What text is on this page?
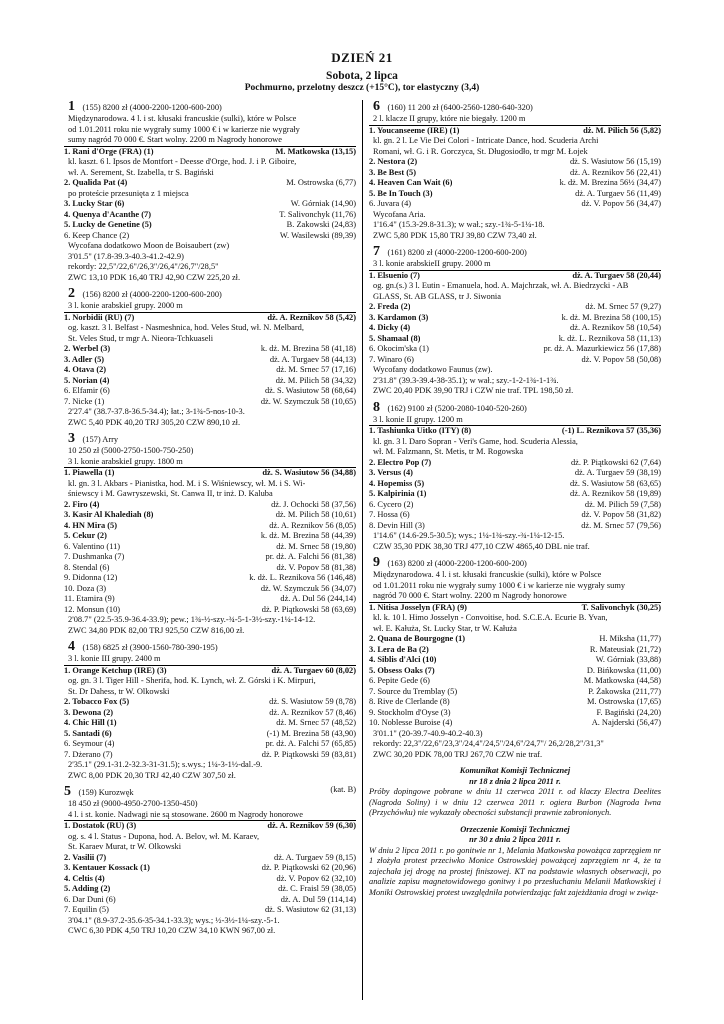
DZIEŃ 21
Sobota, 2 lipca
Pochmurno, przelotny deszcz (+15°C), tor elastyczny (3,4)
1 (155) 8200 zł (4000-2200-1200-600-200)
Międzynarodowa. 4 l. i st. kłusaki francuskie (sulki), które w Polsce
od 1.01.2011 roku nie wygrały sumy 1000 € i w karierze nie wygrały
sumy nagród 70 000 €. Start wolny. 2200 m Nagrody honorowe
1. Rani d'Orge (FRA) (1)	M. Matkowska (13,15)
kl. kaszt. 6 l. Ipsos de Montfort - Deesse d'Orge, hod. J. i P. Giboire,
wł. A. Serement, St. Izabella, tr S. Bagiński
2. Qualida Pat (4)	M. Ostrowska (6,77)
po proteście przesunięta z 1 miejsca
3. Lucky Star (6)	W. Górniak (14,90)
4. Quenya d'Acanthe (7)	T. Salivonchyk (11,76)
5. Lucky de Genetine (5)	B. Zakowski (24,83)
6. Keep Chance (2)	W. Wasilewski (89,39)
Wycofana dodatkowo Moon de Boisaubert (zw)
3'01.5" (17.8-39.3-40.3-41.2-42.9)
rekordy: 22,5"/22,6"/26,3"/26,4"/26,7"/28,5"
ZWC 13,10 PDK 16,40 TRJ 42,90 CZW 225,20 zł.
2 (156) 8200 zł (4000-2200-1200-600-200)
3 l. konie arabskieI grupy. 2000 m
1. Norbidii (RU) (7)	dż. A. Reznikov 58 (5,42)
og. kaszt. 3 l. Belfast - Nasmeshnica, hod. Veles Stud, wł. N. Melbard,
St. Veles Stud, tr mgr A. Nieora-Tchkuaseli
2. Werbel (3)	k. dż. M. Brezina 58 (41,18)
3. Adler (5)	dż. A. Turgaev 58 (44,13)
4. Otava (2)	dż. M. Srnec 57 (17,16)
5. Norian (4)	dż. M. Pilich 58 (34,32)
6. Elfamir (6)	dż. S. Wasiutow 58 (68,64)
7. Nicke (1)	dż. W. Szymczuk 58 (10,65)
2'27.4" (38.7-37.8-36.5-34.4); łat.; 3-1¾-5-nos-10-3.
ZWC 5,40 PDK 40,20 TRJ 305,20 CZW 890,10 zł.
3 (157) Arry
10 250 zł (5000-2750-1500-750-250)
3 l. konie arabskieI grupy. 1800 m
1. Piawella (1)	dż. S. Wasiutow 56 (34,88)
kl. gn. 3 l. Akbars - Pianistka, hod. M. i S. Wiśniewscy, wł. M. i S. Wi-
śniewscy i M. Gawryszewski, St. Canwa II, tr inż. D. Kaluba
2. Firo (4)	dż. J. Ochocki 58 (37,56)
3. Kasir Al Khalediah (8)	dż. M. Pilich 58 (10,61)
4. HN Mira (5)	dż. A. Reznikov 56 (8,05)
5. Cekur (2)	k. dż. M. Brezina 58 (44,39)
6. Valentino (11)	dż. M. Srnec 58 (19,80)
7. Dushmanka (7)	pr. dż. A. Falchi 56 (81,38)
8. Stendal (6)	dż. V. Popov 58 (81,38)
9. Didonna (12)	k. dż. L. Reznikova 56 (146,48)
10. Doza (3)	dż. W. Szymczuk 56 (34,07)
11. Etamira (9)	dż. A. Dul 56 (244,14)
12. Monsun (10)	dż. P. Piątkowski 58 (63,69)
2'08.7" (22.5-35.9-36.4-33.9); pew.; 1¾-½-szy.-¾-5-1-3½-szy.-1¼-14-12.
ZWC 34,80 PDK 82,00 TRJ 925,50 CZW 816,00 zł.
4 (158) 6825 zł (3900-1560-780-390-195)
3 l. konie III grupy. 2400 m
1. Orange Ketchup (IRE) (3)	dż. A. Turgaev 60 (8,02)
og. gn. 3 l. Tiger Hill - Sherifa, hod. K. Lynch, wł. Z. Górski i K. Mirpuri,
St. Dr Dahess, tr W. Olkowski
2. Tobacco Fox (5)	dż. S. Wasiutow 59 (8,78)
3. Dewona (2)	dż. A. Reznikov 57 (8,46)
4. Chic Hill (1)	dż. M. Srnec 57 (48,52)
5. Santadi (6)	(-1) M. Brezina 58 (43,90)
6. Seymour (4)	pr. dż. A. Falchi 57 (65,85)
7. Dżerano (7)	dż. P. Piątkowski 59 (83,81)
2'35.1" (29.1-31.2-32.3-31-31.5); s.wys.; 1¼-3-1½-dal.-9.
ZWC 8,00 PDK 20,30 TRJ 42,40 CZW 307,50 zł.
5 (159) Kurozwęk	(kat. B)
18 450 zł (9000-4950-2700-1350-450)
4 l. i st. konie. Nadwagi nie są stosowane. 2600 m Nagrody honorowe
1. Dostatok (RU) (3)	dż. A. Reznikov 59 (6,30)
og. s. 4 l. Status - Dupona, hod. A. Belov, wł. M. Karaev,
St. Karaev Murat, tr W. Olkowski
2. Vasilii (7)	dż. A. Turgaev 59 (8,15)
3. Kentauer Kossack (1)	dż. P. Piątkowski 62 (20,96)
4. Celtis (4)	dż. V. Popov 62 (32,10)
5. Adding (2)	dż. C. Fraisl 59 (38,05)
6. Dar Duni (6)	dż. A. Dul 59 (114,14)
7. Equilin (5)	dż. S. Wasiutow 62 (31,13)
3'04.1" (8.9-37.2-35.6-35-34.1-33.3); wys.; ½-3½-1¼-szy.-5-1.
CWC 6,30 PDK 4,50 TRJ 10,20 CZW 34,10 KWN 967,00 zł.
6 (160) 11 200 zł (6400-2560-1280-640-320)
2 l. klacze II grupy, które nie biegały. 1200 m
1. Youcanseeme (IRE) (1)	dż. M. Pilich 56 (5,82)
kl. gn. 2 l. Le Vie Dei Colori - Intricate Dance, hod. Scuderia Archi
Romani, wł. G. i R. Gorczyca, St. Długosiodło, tr mgr M. Łojek
2. Nestora (2)	dż. S. Wasiutow 56 (15,19)
3. Be Best (5)	dż. A. Reznikov 56 (22,41)
4. Heaven Can Wait (6)	k. dż. M. Brezina 56½ (34,47)
5. Be In Touch (3)	dż. A. Turgaev 56 (11,49)
6. Juvara (4)	dż. V. Popov 56 (34,47)
Wycofana Aria.
1'16.4" (15.3-29.8-31.3); w wał.; szy.-1¾-5-1¼-18.
ZWC 5,80 PDK 15,80 TRJ 39,80 CZW 73,40 zł.
7 (161) 8200 zł (4000-2200-1200-600-200)
3 l. konie arabskieII grupy. 2000 m
1. Elsuenio (7)	dż. A. Turgaev 58 (20,44)
og. gn.(s.) 3 l. Eutin - Emanuela, hod. A. Majchrzak, wł. A. Biedrzycki - AB
GLASS, St. AB GLASS, tr J. Siwonia
2. Freda (2)	dż. M. Srnec 57 (9,27)
3. Kardamon (3)	k. dż. M. Brezina 58 (100,15)
4. Dicky (4)	dż. A. Reznikov 58 (10,54)
5. Shamaal (8)	k. dż. L. Reznikova 58 (11,13)
6. Okocim'ska (1)	pr. dż. A. Mazurkiewicz 56 (17,88)
7. Winaro (6)	dż. V. Popov 58 (50,08)
Wycofany dodatkowo Faunus (zw).
2'31.8" (39.3-39.4-38-35.1); w wał.; szy.-1-2-1¾-1-1¾.
ZWC 20,40 PDK 39,90 TRJ i CZW nie traf. TPL 198,50 zł.
8 (162) 9100 zł (5200-2080-1040-520-260)
3 l. konie II grupy. 1200 m
1. Tashiunka Uitko (ITY) (8)	(-1) L. Reznikova 57 (35,36)
kl. gn. 3 l. Daro Sopran - Veri's Game, hod. Scuderia Alessia,
wł. M. Falzmann, St. Metis, tr M. Rogowska
2. Electro Pop (7)	dż. P. Piątkowski 62 (7,64)
3. Versus (4)	dż. A. Turgaev 59 (38,19)
4. Hopemiss (5)	dż. S. Wasiutow 58 (63,65)
5. Kalpirinia (1)	dż. A. Reznikov 58 (19,89)
6. Cycero (2)	dż. M. Pilich 59 (7,58)
7. Hossa (6)	dż. V. Popov 58 (31,82)
8. Devin Hill (3)	dż. M. Srnec 57 (79,56)
1'14.6" (14.6-29.5-30.5); wys.; 1¼-1¾-szy.-¾-1¼-12-15.
CZW 35,30 PDK 38,30 TRJ 477,10 CZW 4865,40 DBL nie traf.
9 (163) 8200 zł (4000-2200-1200-600-200)
Międzynarodowa. 4 l. i st. kłusaki francuskie (sulki), które w Polsce
od 1.01.2011 roku nie wygrały sumy 1000 € i w karierze nie wygrały sumy
nagród 70 000 €. Start wolny. 2200 m Nagrody honorowe
1. Nitisa Josselyn (FRA) (9)	T. Salivonchyk (30,25)
kl. k. 10 l. Himo Josselyn - Convoitise, hod. S.C.E.A. Ecurie B. Yvan,
wł. E. Kałuża, St. Lucky Star, tr W. Kałuża
2. Quana de Bourgogne (1)	H. Miksha (11,77)
3. Lera de Ba (2)	R. Mateusiak (21,72)
4. Siblis d'Alci (10)	W. Górniak (33,88)
5. Obsess Oaks (7)	D. Bińkowska (11,00)
6. Pepite Gede (6)	M. Matkowska (44,58)
7. Source du Tremblay (5)	P. Żakowska (211,77)
8. Rive de Clerlande (8)	M. Ostrowska (17,65)
9. Stockholm d'Oyse (3)	F. Bagiński (24,20)
10. Noblesse Buroise (4)	A. Najderski (56,47)
3'01.1" (20-39.7-40.9-40.2-40.3)
rekordy: 22,3"/22,6"/23,3"/24,4"/24,5"/24,6"/24,7"/ 26,2/28,2"/31,3"
ZWC 30,20 PDK 78,00 TRJ 267,70 CZW nie traf.
Komunikat Komisji Technicznej
nr 18 z dnia 2 lipca 2011 r.
Próby dopingowe pobrane w dniu 11 czerwca 2011 r. od klaczy Electra Deelites (Nagroda Soliny) i w dniu 12 czerwca 2011 r. ogiera Burbon (Nagroda Iwna (Przychówku) nie wykazały obecności substancji prawnie zabronionych.
Orzeczenie Komisji Technicznej
nr 30 z dnia 2 lipca 2011 r.
W dniu 2 lipca 2011 r. po gonitwie nr 1, Melania Matkowska powożąca zaprzęgiem nr 1 złożyła protest przeciwko Monice Ostrowskiej powożącej zaprzęgiem nr 4, że ta zajechała jej drogę na prostej finiszowej. KT na podstawie własnych obserwacji, po analizie zapisu magnetowidowego gonitwy i po przesłuchaniu Melanii Matkowskiej i Moniki Ostrowskiej protest uwzględniła potwierdzając fakt zajeżdżania drogi w związ-
